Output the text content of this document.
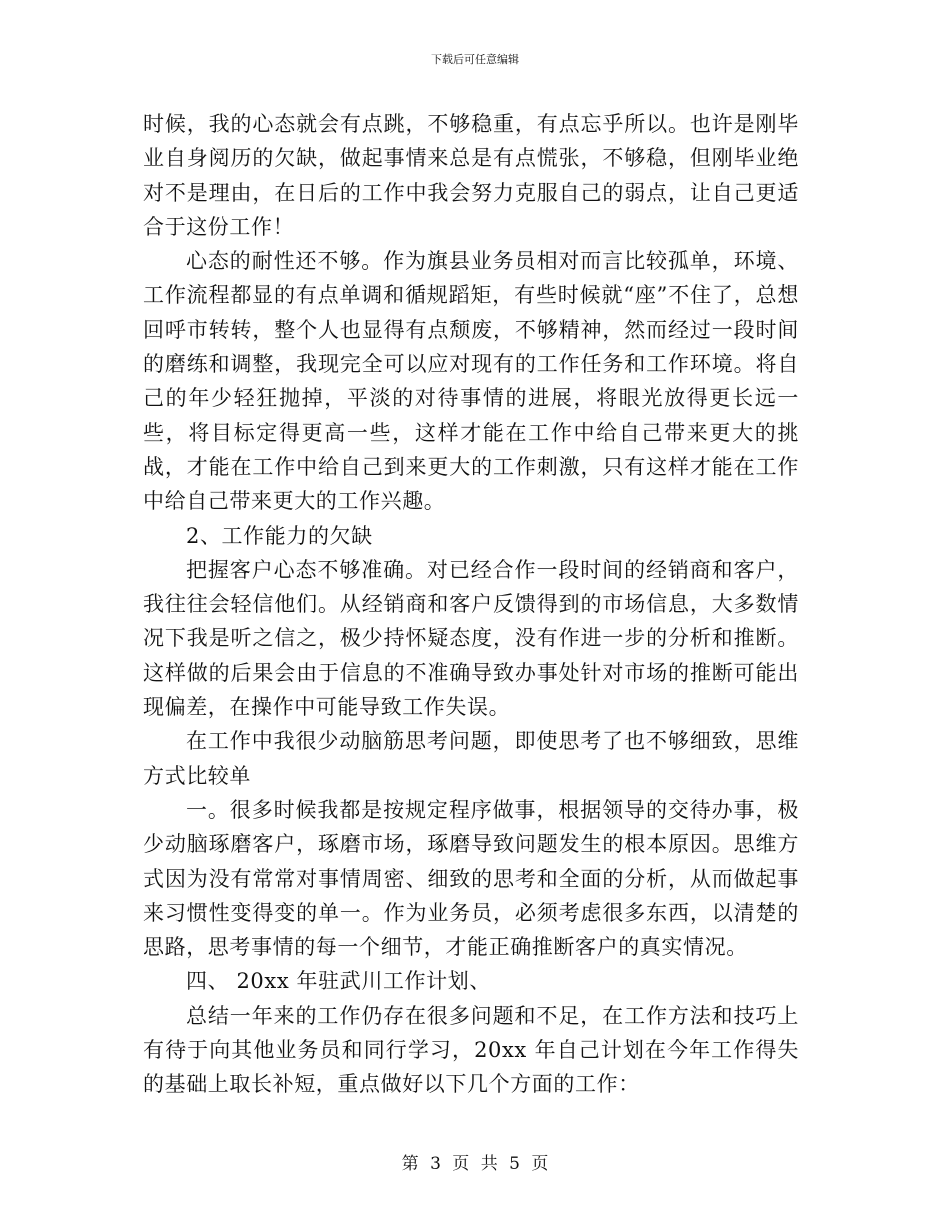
下载后可任意编辑

时候，我的心态就会有点跳，不够稳重，有点忘乎所以。也许是刚毕业自身阅历的欠缺，做起事情来总是有点慌张，不够稳，但刚毕业绝对不是理由，在日后的工作中我会努力克服自己的弱点，让自己更适合于这份工作！

心态的耐性还不够。作为旗县业务员相对而言比较孤单，环境、工作流程都显的有点单调和循规蹈矩，有些时候就“座”不住了，总想回呼市转转，整个人也显得有点颓废，不够精神，然而经过一段时间的磨练和调整，我现完全可以应对现有的工作任务和工作环境。将自己的年少轻狂抛掉，平淡的对待事情的进展，将眼光放得更长远一些，将目标定得更高一些，这样才能在工作中给自己带来更大的挑战，才能在工作中给自己到来更大的工作刺激，只有这样才能在工作中给自己带来更大的工作兴趣。

2、工作能力的欠缺

把握客户心态不够准确。对已经合作一段时间的经销商和客户，我往往会轻信他们。从经销商和客户反馈得到的市场信息，大多数情况下我是听之信之，极少持怀疑态度，没有作进一步的分析和推断。这样做的后果会由于信息的不准确导致办事处针对市场的推断可能出现偏差，在操作中可能导致工作失误。

在工作中我很少动脑筋思考问题，即使思考了也不够细致，思维方式比较单

一。很多时候我都是按规定程序做事，根据领导的交待办事，极少动脑琢磨客户，琢磨市场，琢磨导致问题发生的根本原因。思维方式因为没有常常对事情周密、细致的思考和全面的分析，从而做起事来习惯性变得变的单一。作为业务员，必须考虑很多东西，以清楚的思路，思考事情的每一个细节，才能正确推断客户的真实情况。

四、 20xx 年驻武川工作计划、

总结一年来的工作仍存在很多问题和不足，在工作方法和技巧上有待于向其他业务员和同行学习，20xx 年自己计划在今年工作得失的基础上取长补短，重点做好以下几个方面的工作：

第 3 页 共 5 页
